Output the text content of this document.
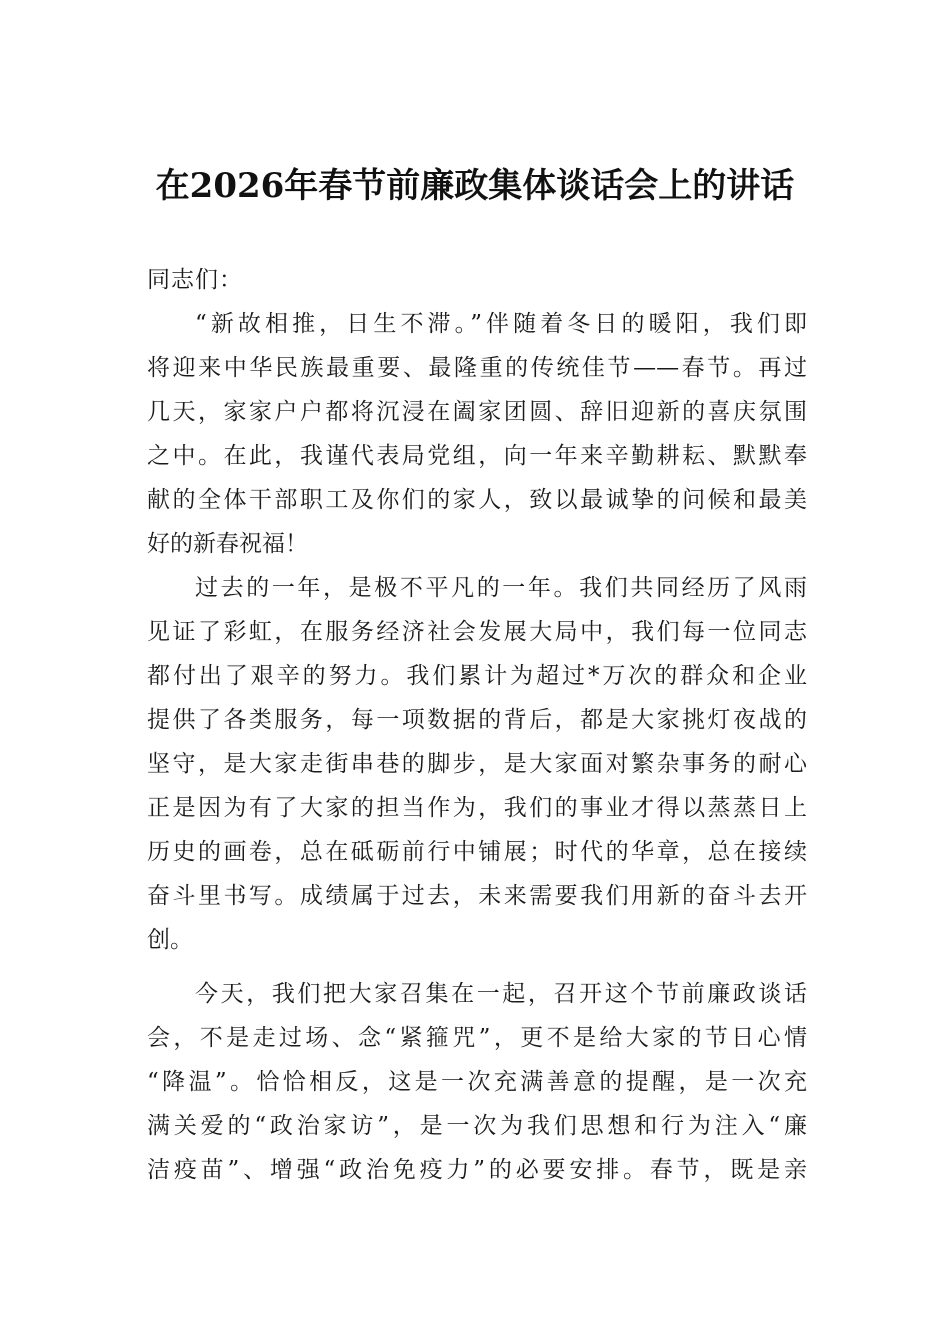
在2026年春节前廉政集体谈话会上的讲话
同志们：
“新故相推，日生不滞。”伴随着冬日的暖阳，我们即
将迎来中华民族最重要、最隆重的传统佳节——春节。再过
几天，家家户户都将沉浸在阖家团圆、辞旧迎新的喜庆氛围
之中。在此，我谨代表局党组，向一年来辛勤耕耘、默默奉
献的全体干部职工及你们的家人，致以最诚挚的问候和最美
好的新春祝福！
过去的一年，是极不平凡的一年。我们共同经历了风雨
见证了彩虹，在服务经济社会发展大局中，我们每一位同志
都付出了艰辛的努力。我们累计为超过*万次的群众和企业
提供了各类服务，每一项数据的背后，都是大家挑灯夜战的
坚守，是大家走街串巷的脚步，是大家面对繁杂事务的耐心
正是因为有了大家的担当作为，我们的事业才得以蒸蒸日上
历史的画卷，总在砥砺前行中铺展；时代的华章，总在接续
奋斗里书写。成绩属于过去，未来需要我们用新的奋斗去开
创。
今天，我们把大家召集在一起，召开这个节前廉政谈话
会，不是走过场、念“紧箍咒”，更不是给大家的节日心情
“降温”。恰恰相反，这是一次充满善意的提醒，是一次充
满关爱的“政治家访”，是一次为我们思想和行为注入“廉
洁疫苗”、增强“政治免疫力”的必要安排。春节，既是亲
